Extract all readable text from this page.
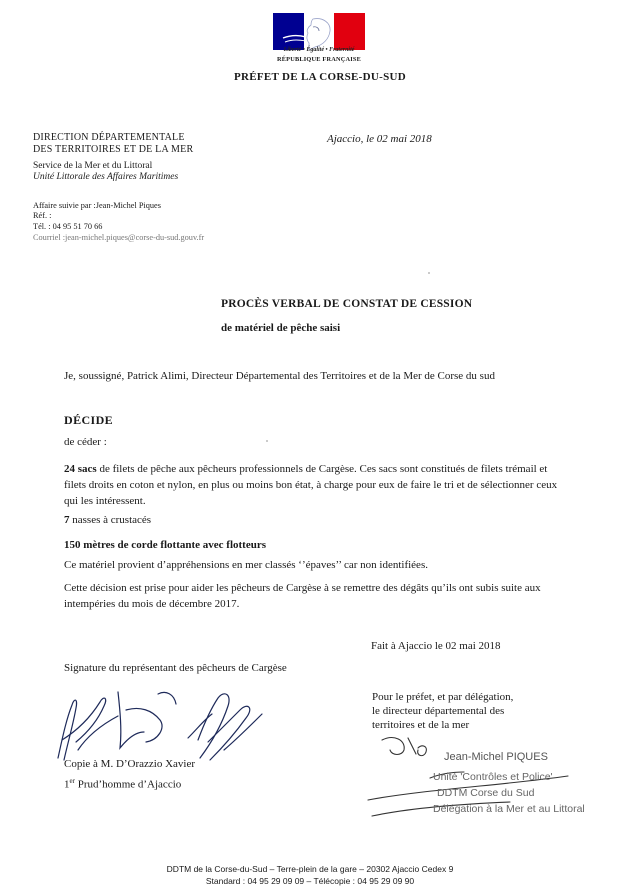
Liberté • Égalité • Fraternité
RÉPUBLIQUE FRANÇAISE
PRÉFET DE LA CORSE-DU-SUD
DIRECTION DÉPARTEMENTALE
DES TERRITOIRES ET DE LA MER
Service de la Mer et du Littoral
Unité Littorale des Affaires Maritimes
Ajaccio, le 02 mai 2018
Affaire suivie par :Jean-Michel Piques
Réf. :
Tél. : 04 95 51 70 66
Courriel :jean-michel.piques@corse-du-sud.gouv.fr
PROCÈS VERBAL DE CONSTAT DE CESSION
de matériel de pêche saisi
Je, soussigné, Patrick Alimi, Directeur Départemental des Territoires et de la Mer de Corse du sud
DÉCIDE
de céder :
24 sacs de filets de pêche aux pêcheurs professionnels de Cargèse. Ces sacs sont constitués de filets trémail et filets droits en coton et nylon, en plus ou moins bon état, à charge pour eux de faire le tri et de sélectionner ceux qui les intéressent.
7 nasses à crustacés
150 mètres de corde flottante avec flotteurs
Ce matériel provient d’appréhensions en mer classés ‘’épaves’’ car non identifiées.
Cette décision est prise pour aider les pêcheurs de Cargèse à se remettre des dégâts qu’ils ont subis suite aux intempéries du mois de décembre 2017.
Fait à Ajaccio le 02 mai 2018
Signature du représentant des pêcheurs de Cargèse
Pour le préfet, et par délégation,
le directeur départemental des
territoires et de la mer
Copie à M. D’Orazzio Xavier
1er Prud’homme d’Ajaccio
Jean-Michel PIQUES
Unité 'Contrôles et Police'
DDTM Corse du Sud
Délégation à la Mer et au Littoral
DDTM de la Corse-du-Sud – Terre-plein de la gare – 20302 Ajaccio Cedex 9
Standard : 04 95 29 09 09 – Télécopie : 04 95 29 09 90
